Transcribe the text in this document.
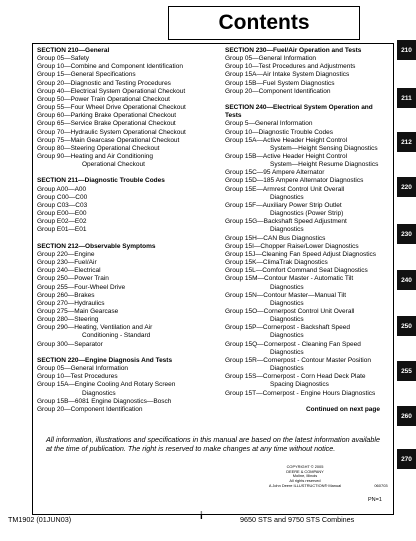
Contents
SECTION 210—General
Group 05—Safety
Group 10—Combine and Component Identification
Group 15—General Specifications
Group 20—Diagnostic and Testing Procedures
Group 40—Electrical System Operational Checkout
Group 50—Power Train Operational Checkout
Group 55—Four Wheel Drive Operational Checkout
Group 60—Parking Brake Operational Checkout
Group 65—Service Brake Operational Checkout
Group 70—Hydraulic System Operational Checkout
Group 75—Main Gearcase Operational Checkout
Group 80—Steering Operational Checkout
Group 90—Heating and Air Conditioning
Operational Checkout
SECTION 211—Diagnostic Trouble Codes
Group A00—A00
Group C00—C00
Group C03—C03
Group E00—E00
Group E02—E02
Group E01—E01
SECTION 212—Observable Symptoms
Group 220—Engine
Group 230—Fuel/Air
Group 240—Electrical
Group 250—Power Train
Group 255—Four-Wheel Drive
Group 260—Brakes
Group 270—Hydraulics
Group 275—Main Gearcase
Group 280—Steering
Group 290—Heating, Ventilation and Air
Conditioning - Standard
Group 300—Separator
SECTION 220—Engine Diagnosis And Tests
Group 05—General Information
Group 10—Test Procedures
Group 15A—Engine Cooling And Rotary Screen
Diagnostics
Group 15B—6081 Engine Diagnostics—Bosch
Group 20—Component Identification
SECTION 230—Fuel/Air Operation and Tests
Group 05—General Information
Group 10—Test Procedures and Adjustments
Group 15A—Air Intake System Diagnostics
Group 15B—Fuel System Diagnostics
Group 20—Component Identification
SECTION 240—Electrical System Operation and
Tests
Group 5—General Information
Group 10—Diagnostic Trouble Codes
Group 15A—Active Header Height Control
System—Height Sensing Diagnostics
Group 15B—Active Header Height Control
System—Height Resume Diagnostics
Group 15C—95 Ampere Alternator
Group 15D—185 Ampere Alternator Diagnostics
Group 15E—Armrest Control Unit Overall
Diagnostics
Group 15F—Auxiliary Power Strip Outlet
Diagnostics (Power Strip)
Group 15G—Backshaft Speed Adjustment
Diagnostics
Group 15H—CAN Bus Diagnostics
Group 15I—Chopper Raise/Lower Diagnostics
Group 15J—Cleaning Fan Speed Adjust Diagnostics
Group 15K—ClimaTrak Diagnostics
Group 15L—Comfort Command Seat Diagnostics
Group 15M—Contour Master - Automatic Tilt
Diagnostics
Group 15N—Contour Master—Manual Tilt
Diagnostics
Group 15O—Cornerpost Control Unit Overall
Diagnostics
Group 15P—Cornerpost - Backshaft Speed
Diagnostics
Group 15Q—Cornerpost - Cleaning Fan Speed
Diagnostics
Group 15R—Cornerpost - Contour Master Position
Diagnostics
Group 15S—Cornerpost - Corn Head Deck Plate
Spacing Diagnostics
Group 15T—Cornerpost - Engine Hours Diagnostics
Continued on next page
All information, illustrations and specifications in this manual are based on the latest information available at the time of publication. The right is reserved to make changes at any time without notice.
COPYRIGHT © 2005
DEERE & COMPANY
Moline, Illinois
All rights reserved
A John Deere ILLUSTRUCTION® Manual	060703
PN=1
210
211
212
220
230
240
250
255
260
270
TM1902 (01JUN03)	i	9650 STS and 9750 STS Combines
